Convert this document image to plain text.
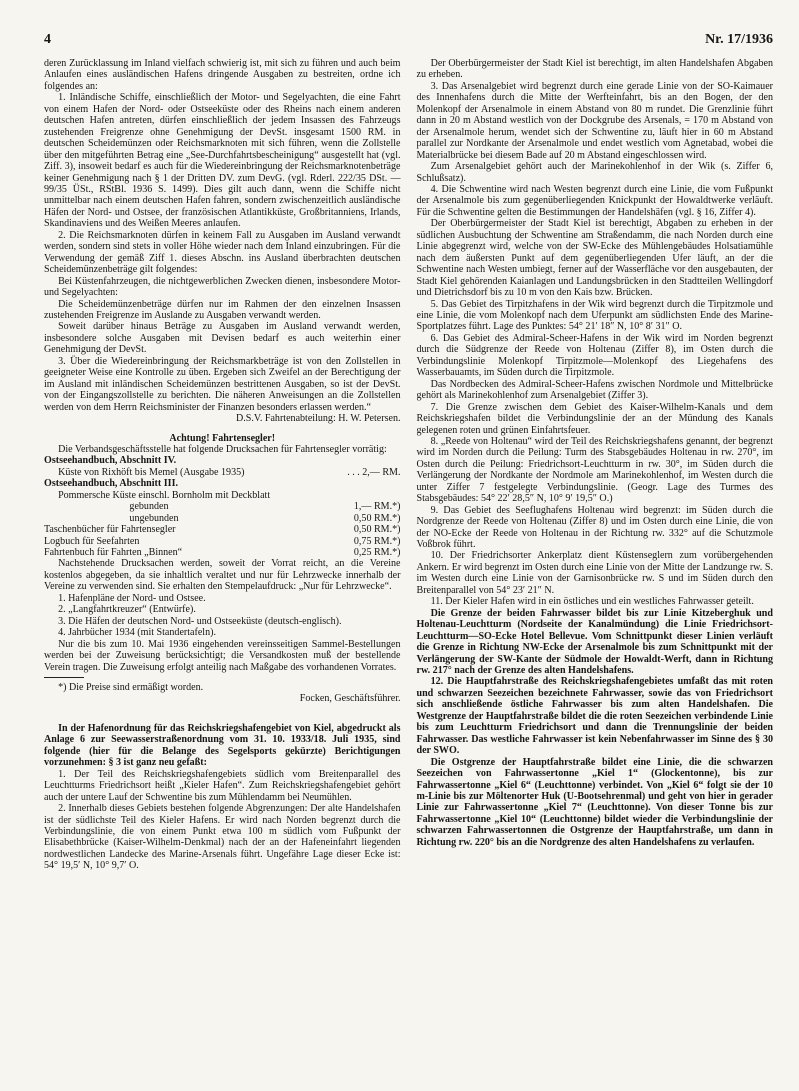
4	Nr. 17/1936

deren Zurücklassung im Inland vielfach schwierig ist, mit sich zu führen und auch beim Anlaufen eines ausländischen Hafens dringende Ausgaben zu bestreiten, ordne ich folgendes an:

1. Inländische Schiffe, einschließlich der Motor- und Segelyachten, die eine Fahrt von einem Hafen der Nord- oder Ostseeküste oder des Rheins nach einem anderen deutschen Hafen antreten, dürfen einschließlich der jedem Insassen des Fahrzeugs zustehenden Freigrenze ohne Genehmigung der DevSt. insgesamt 1500 RM. in deutschen Scheidemünzen oder Reichsmarknoten mit sich führen, wenn die Zollstelle über den mitgeführten Betrag eine „See-Durchfahrtsbescheinigung“ ausgestellt hat (vgl. Ziff. 3), insoweit bedarf es auch für die Wiedereinbringung der Reichsmarknotenbeträge keiner Genehmigung nach § 1 der Dritten DV. zum DevG. (vgl. Rderl. 222/35 DSt. — 99/35 ÜSt., RStBl. 1936 S. 1499). Dies gilt auch dann, wenn die Schiffe nicht unmittelbar nach einem deutschen Hafen fahren, sondern zwischenzeitlich ausländische Häfen der Nord- und Ostsee, der französischen Atlantikküste, Großbritanniens, Irlands, Skandinaviens und des Weißen Meeres anlaufen.

2. Die Reichsmarknoten dürfen in keinem Fall zu Ausgaben im Ausland verwandt werden, sondern sind stets in voller Höhe wieder nach dem Inland einzubringen. Für die Verwendung der gemäß Ziff 1. dieses Abschn. ins Ausland überbrachten deutschen Scheidemünzenbeträge gilt folgendes:

Bei Küstenfahrzeugen, die nichtgewerblichen Zwecken dienen, insbesondere Motor- und Segelyachten:

Die Scheidemünzenbeträge dürfen nur im Rahmen der den einzelnen Insassen zustehenden Freigrenze im Auslande zu Ausgaben verwandt werden.

Soweit darüber hinaus Beträge zu Ausgaben im Ausland verwandt werden, insbesondere solche Ausgaben mit Devisen bedarf es auch weiterhin einer Genehmigung der DevSt.

3. Über die Wiedereinbringung der Reichsmarkbeträge ist von den Zollstellen in geeigneter Weise eine Kontrolle zu üben. Ergeben sich Zweifel an der Berechtigung der im Ausland mit inländischen Scheidemünzen bestrittenen Ausgaben, so ist der DevSt. von der Eingangszollstelle zu berichten. Die näheren Anweisungen an die Zollstellen werden von dem Herrn Reichsminister der Finanzen besonders erlassen werden.“

D.S.V. Fahrtenabteilung: H. W. Petersen.

Achtung! Fahrtensegler!

Die Verbandsgeschäftsstelle hat folgende Drucksachen für Fahrtensegler vorrätig:

Ostseehandbuch, Abschnitt IV.

Küste von Rixhöft bis Memel (Ausgabe 1935)	. . . 2,— RM.

Ostseehandbuch, Abschnitt III.

Pommersche Küste einschl. Bornholm mit Deckblatt

gebunden	1,— RM.*)
ungebunden	0,50 RM.*)
Taschenbücher für Fahrtensegler	0,50 RM.*)
Logbuch für Seefahrten	0,75 RM.*)
Fahrtenbuch für Fahrten „Binnen“	0,25 RM.*)

Nachstehende Drucksachen werden, soweit der Vorrat reicht, an die Vereine kostenlos abgegeben, da sie inhaltlich veraltet und nur für Lehrzwecke innerhalb der Vereine zu verwenden sind. Sie erhalten den Stempelaufdruck: „Nur für Lehrzwecke“.

1. Hafenpläne der Nord- und Ostsee.

2. „Langfahrtkreuzer“ (Entwürfe).

3. Die Häfen der deutschen Nord- und Ostseeküste (deutsch-englisch).

4. Jahrbücher 1934 (mit Standertafeln).

Nur die bis zum 10. Mai 1936 eingehenden vereinsseitigen Sammel-Bestellungen werden bei der Zuweisung berücksichtigt; die Versandkosten muß der bestellende Verein tragen. Die Zuweisung erfolgt anteilig nach Maßgabe des vorhandenen Vorrates.

*) Die Preise sind ermäßigt worden.

Focken, Geschäftsführer.

In der Hafenordnung für das Reichskriegshafengebiet von Kiel, abgedruckt als Anlage 6 zur Seewasserstraßenordnung vom 31. 10. 1933/18. Juli 1935, sind folgende (hier für die Belange des Segelsports gekürzte) Berichtigungen vorzunehmen: § 3 ist ganz neu gefaßt:

1. Der Teil des Reichskriegshafengebiets südlich vom Breitenparallel des Leuchtturms Friedrichsort heißt „Kieler Hafen“. Zum Reichskriegshafengebiet gehört auch der untere Lauf der Schwentine bis zum Mühlendamm bei Neumühlen.

2. Innerhalb dieses Gebiets bestehen folgende Abgrenzungen: Der alte Handelshafen ist der südlichste Teil des Kieler Hafens. Er wird nach Norden begrenzt durch die Verbindungslinie, die von einem Punkt etwa 100 m südlich vom Fußpunkt der Elisabethbrücke (Kaiser-Wilhelm-Denkmal) nach der an der Hafeneinfahrt liegenden nordwestlichen Landecke des Marine-Arsenals führt. Ungefähre Lage dieser Ecke ist: 54° 19,5′ N, 10° 9,7′ O.

Der Oberbürgermeister der Stadt Kiel ist berechtigt, im alten Handelshafen Abgaben zu erheben.

3. Das Arsenalgebiet wird begrenzt durch eine gerade Linie von der SO-Kaimauer des Innenhafens durch die Mitte der Werfteinfahrt, bis an den Bogen, der den Molenkopf der Arsenalmole in einem Abstand von 80 m rundet. Die Grenzlinie führt dann in 20 m Abstand westlich von der Dockgrube des Arsenals, = 170 m Abstand von der Arsenalmole herum, wendet sich der Schwentine zu, läuft hier in 60 m Abstand parallel zur Nordkante der Arsenalmole und endet westlich vom Agnetabad, wobei die Materialbrücke bei diesem Bade auf 20 m Abstand eingeschlossen wird.

Zum Arsenalgebiet gehört auch der Marinekohlenhof in der Wik (s. Ziffer 6, Schlußsatz).

4. Die Schwentine wird nach Westen begrenzt durch eine Linie, die vom Fußpunkt der Arsenalmole bis zum gegenüberliegenden Knickpunkt der Howaldtwerke verläuft. Für die Schwentine gelten die Bestimmungen der Handelshäfen (vgl. § 16, Ziffer 4).

Der Oberbürgermeister der Stadt Kiel ist berechtigt, Abgaben zu erheben in der südlichen Ausbuchtung der Schwentine am Straßendamm, die nach Norden durch eine Linie abgegrenzt wird, welche von der SW-Ecke des Mühlengebäudes Holsatiamühle nach dem äußersten Punkt auf dem gegenüberliegenden Ufer läuft, an der die Schwentine nach Westen umbiegt, ferner auf der Wasserfläche vor den ausgebauten, der Stadt Kiel gehörenden Kaianlagen und Landungsbrücken in den Stadtteilen Wellingdorf und Dietrichsdorf bis zu 10 m von den Kais bzw. Brücken.

5. Das Gebiet des Tirpitzhafens in der Wik wird begrenzt durch die Tirpitzmole und eine Linie, die vom Molenkopf nach dem Uferpunkt am südlichsten Ende des Marine-Sportplatzes führt. Lage des Punktes: 54° 21′ 18″ N, 10° 8′ 31″ O.

6. Das Gebiet des Admiral-Scheer-Hafens in der Wik wird im Norden begrenzt durch die Südgrenze der Reede von Holtenau (Ziffer 8), im Osten durch die Verbindungslinie Molenkopf Tirpitzmole—Molenkopf des Liegehafens des Wasserbauamts, im Süden durch die Tirpitzmole.

Das Nordbecken des Admiral-Scheer-Hafens zwischen Nordmole und Mittelbrücke gehört als Marinekohlenhof zum Arsenalgebiet (Ziffer 3).

7. Die Grenze zwischen dem Gebiet des Kaiser-Wilhelm-Kanals und dem Reichskriegshafen bildet die Verbindungslinie der an der Mündung des Kanals gelegenen roten und grünen Einfahrtsfeuer.

8. „Reede von Holtenau“ wird der Teil des Reichskriegshafens genannt, der begrenzt wird im Norden durch die Peilung: Turm des Stabsgebäudes Holtenau in rw. 270°, im Osten durch die Peilung: Friedrichsort-Leuchtturm in rw. 30°, im Süden durch die Verlängerung der Nordkante der Nordmole am Marinekohlenhof, im Westen durch die unter Ziffer 7 festgelegte Verbindungslinie. (Geogr. Lage des Turmes des Stabsgebäudes: 54° 22′ 28,5″ N, 10° 9′ 19,5″ O.)

9. Das Gebiet des Seeflughafens Holtenau wird begrenzt: im Süden durch die Nordgrenze der Reede von Holtenau (Ziffer 8) und im Osten durch eine Linie, die von der NO-Ecke der Reede von Holtenau in der Richtung rw. 332° auf die Schutzmole Voßbrok führt.

10. Der Friedrichsorter Ankerplatz dient Küstenseglern zum vorübergehenden Ankern. Er wird begrenzt im Osten durch eine Linie von der Mitte der Landzunge rw. S. im Westen durch eine Linie von der Garnisonbrücke rw. S und im Süden durch den Breitenparallel von 54° 23′ 21″ N.

11. Der Kieler Hafen wird in ein östliches und ein westliches Fahrwasser geteilt.

Die Grenze der beiden Fahrwasser bildet bis zur Linie Kitzeberghuk und Holtenau-Leuchtturm (Nordseite der Kanalmündung) die Linie Friedrichsort-Leuchtturm—SO-Ecke Hotel Bellevue. Vom Schnittpunkt dieser Linien verläuft die Grenze in Richtung NW-Ecke der Arsenalmole bis zum Schnittpunkt mit der Verlängerung der SW-Kante der Südmole der Howaldt-Werft, dann in Richtung rw. 217° nach der Grenze des alten Handelshafens.

12. Die Hauptfahrstraße des Reichskriegshafengebietes umfaßt das mit roten und schwarzen Seezeichen bezeichnete Fahrwasser, sowie das von Friedrichsort sich anschließende östliche Fahrwasser bis zum alten Handelshafen. Die Westgrenze der Hauptfahrstraße bildet die die roten Seezeichen verbindende Linie bis zum Leuchtturm Friedrichsort und dann die Trennungslinie der beiden Fahrwasser. Das westliche Fahrwasser ist kein Nebenfahrwasser im Sinne des § 30 der SWO.

Die Ostgrenze der Hauptfahrstraße bildet eine Linie, die die schwarzen Seezeichen von Fahrwassertonne „Kiel 1“ (Glockentonne), bis zur Fahrwassertonne „Kiel 6“ (Leuchttonne) verbindet. Von „Kiel 6“ folgt sie der 10 m-Linie bis zur Möltenorter Huk (U-Bootsehrenmal) und geht von hier in gerader Linie zur Fahrwassertonne „Kiel 7“ (Leuchttonne). Von dieser Tonne bis zur Fahrwassertonne „Kiel 10“ (Leuchttonne) bildet wieder die Verbindungslinie der schwarzen Fahrwassertonnen die Ostgrenze der Hauptfahrstraße, um dann in Richtung rw. 220° bis an die Nordgrenze des alten Handelshafens zu verlaufen.
